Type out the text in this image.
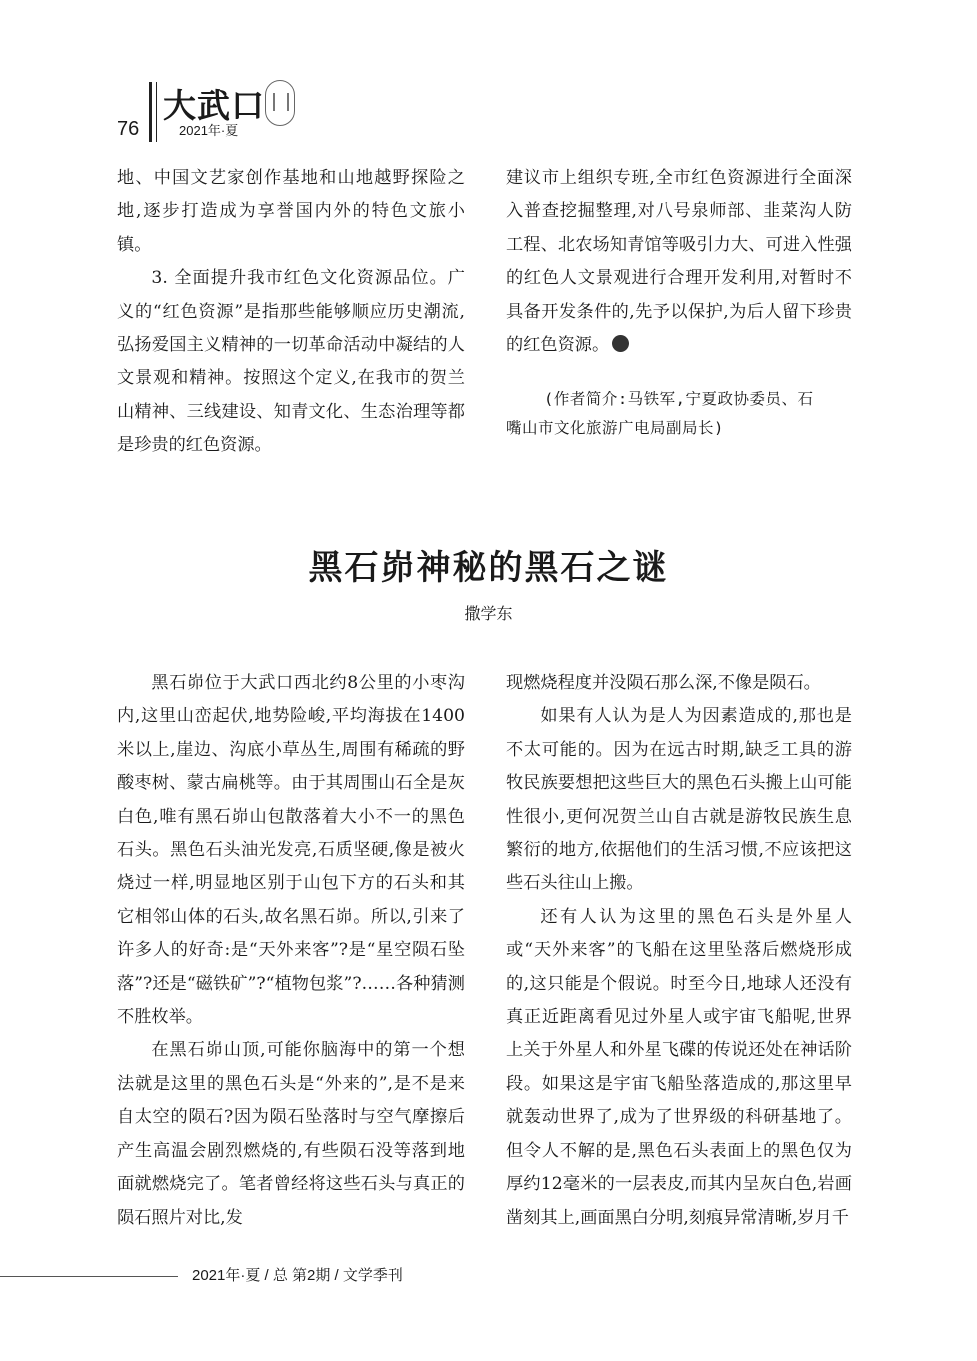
76
大武口
2021年·夏

地、中国文艺家创作基地和山地越野探险之地,逐步打造成为享誉国内外的特色文旅小镇。

3. 全面提升我市红色文化资源品位。广义的“红色资源”是指那些能够顺应历史潮流,弘扬爱国主义精神的一切革命活动中凝结的人文景观和精神。按照这个定义,在我市的贺兰山精神、三线建设、知青文化、生态治理等都是珍贵的红色资源。

建议市上组织专班,全市红色资源进行全面深入普查挖掘整理,对八号泉师部、韭菜沟人防工程、北农场知青馆等吸引力大、可进入性强的红色人文景观进行合理开发利用,对暂时不具备开发条件的,先予以保护,为后人留下珍贵的红色资源。

(作者简介:马铁军,宁夏政协委员、石
嘴山市文化旅游广电局副局长)
黑石峁神秘的黑石之谜
撒学东

黑石峁位于大武口西北约8公里的小枣沟内,这里山峦起伏,地势险峻,平均海拔在1400米以上,崖边、沟底小草丛生,周围有稀疏的野酸枣树、蒙古扁桃等。由于其周围山石全是灰白色,唯有黑石峁山包散落着大小不一的黑色石头。黑色石头油光发亮,石质坚硬,像是被火烧过一样,明显地区别于山包下方的石头和其它相邻山体的石头,故名黑石峁。所以,引来了许多人的好奇:是“天外来客”?是“星空陨石坠落”?还是“磁铁矿”?“植物包浆”?……各种猜测不胜枚举。

在黑石峁山顶,可能你脑海中的第一个想法就是这里的黑色石头是“外来的”,是不是来自太空的陨石?因为陨石坠落时与空气摩擦后产生高温会剧烈燃烧的,有些陨石没等落到地面就燃烧完了。笔者曾经将这些石头与真正的陨石照片对比,发

现燃烧程度并没陨石那么深,不像是陨石。

如果有人认为是人为因素造成的,那也是不太可能的。因为在远古时期,缺乏工具的游牧民族要想把这些巨大的黑色石头搬上山可能性很小,更何况贺兰山自古就是游牧民族生息繁衍的地方,依据他们的生活习惯,不应该把这些石头往山上搬。

还有人认为这里的黑色石头是外星人或“天外来客”的飞船在这里坠落后燃烧形成的,这只能是个假说。时至今日,地球人还没有真正近距离看见过外星人或宇宙飞船呢,世界上关于外星人和外星飞碟的传说还处在神话阶段。如果这是宇宙飞船坠落造成的,那这里早就轰动世界了,成为了世界级的科研基地了。但令人不解的是,黑色石头表面上的黑色仅为厚约12毫米的一层表皮,而其内呈灰白色,岩画凿刻其上,画面黑白分明,刻痕异常清晰,岁月千

2021年·夏 / 总 第2期 / 文学季刊
